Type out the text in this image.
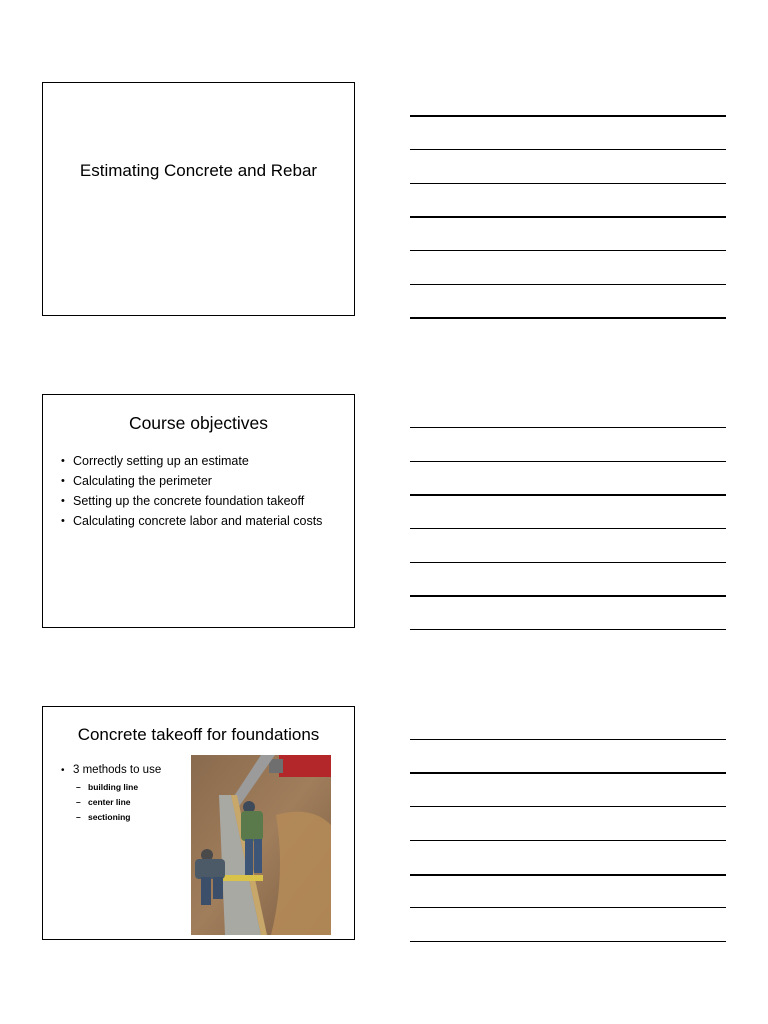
Estimating Concrete and Rebar
Course objectives
• Correctly setting up an estimate
• Calculating the perimeter
• Setting up the concrete foundation takeoff
• Calculating concrete labor and material costs
Concrete takeoff for foundations
• 3 methods to use
– building line
– center line
– sectioning
